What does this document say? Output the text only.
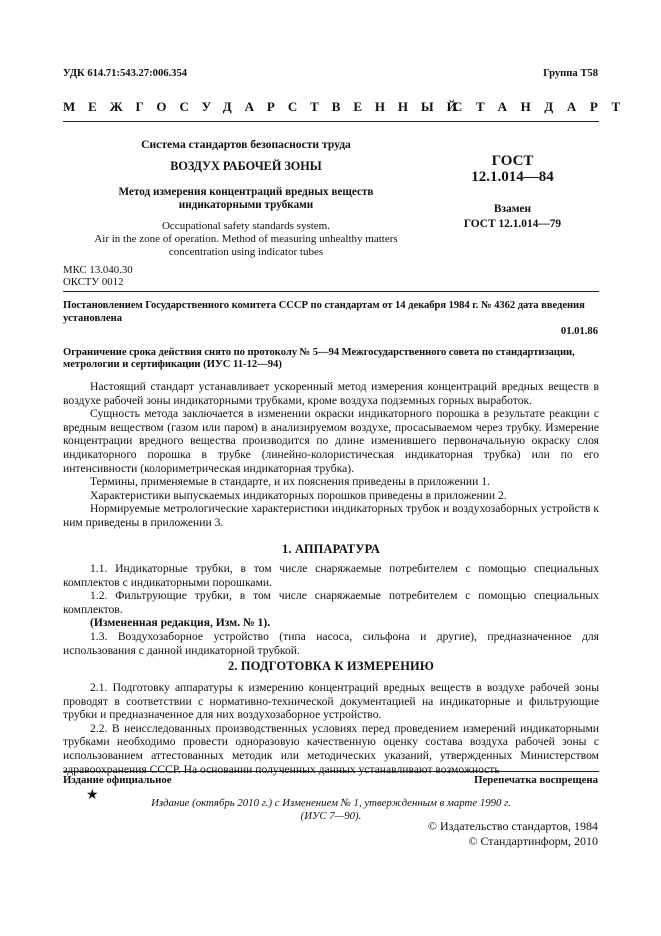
УДК 614.71:543.27:006.354	Группа Т58
МЕЖГОСУДАРСТВЕННЫЙ
СТАНДАРТ
Система стандартов безопасности труда
ВОЗДУХ РАБОЧЕЙ ЗОНЫ
Метод измерения концентраций вредных веществ
индикаторными трубками
Occupational safety standards system.
Air in the zone of operation. Method of measuring unhealthy matters
concentration using indicator tubes
МКС 13.040.30
ОКСТУ 0012
ГОСТ
12.1.014—84
Взамен
ГОСТ 12.1.014—79
Постановлением Государственного комитета СССР по стандартам от 14 декабря 1984 г. № 4362 дата введения
установлена
01.01.86
Ограничение срока действия снято по протоколу № 5—94 Межгосударственного совета по стандартизации,
метрологии и сертификации (ИУС 11-12—94)

Настоящий стандарт устанавливает ускоренный метод измерения концентраций вредных веществ в воздухе рабочей зоны индикаторными трубками, кроме воздуха подземных горных выработок.

Сущность метода заключается в изменении окраски индикаторного порошка в результате реакции с вредным веществом (газом или паром) в анализируемом воздухе, просасываемом через трубку. Измерение концентрации вредного вещества производится по длине изменившего первоначальную окраску слоя индикаторного порошка в трубке (линейно-колористическая индикаторная трубка) или по его интенсивности (колориметрическая индикаторная трубка).

Термины, применяемые в стандарте, и их пояснения приведены в приложении 1.

Характеристики выпускаемых индикаторных порошков приведены в приложении 2.

Нормируемые метрологические характеристики индикаторных трубок и воздухозаборных устройств к ним приведены в приложении 3.

1. АППАРАТУРА

1.1. Индикаторные трубки, в том числе снаряжаемые потребителем с помощью специальных комплектов с индикаторными порошками.

1.2. Фильтрующие трубки, в том числе снаряжаемые потребителем с помощью специальных комплектов.

(Измененная редакция, Изм. № 1).

1.3. Воздухозаборное устройство (типа насоса, сильфона и другие), предназначенное для использования с данной индикаторной трубкой.

2. ПОДГОТОВКА К ИЗМЕРЕНИЮ

2.1. Подготовку аппаратуры к измерению концентраций вредных веществ в воздухе рабочей зоны проводят в соответствии с нормативно-технической документацией на индикаторные и фильтрующие трубки и предназначенное для них воздухозаборное устройство.

2.2. В неисследованных производственных условиях перед проведением измерений индикаторными трубками необходимо провести одноразовую качественную оценку состава воздуха рабочей зоны с использованием аттестованных методик или методических указаний, утвержденных Министерством здравоохранения СССР. На основании полученных данных устанавливают возможность

Издание официальное	Перепечатка воспрещена
★	Издание (октябрь 2010 г.) с Изменением № 1, утвержденным в марте 1990 г.
(ИУС 7—90).
© Издательство стандартов, 1984
© Стандартинформ, 2010
